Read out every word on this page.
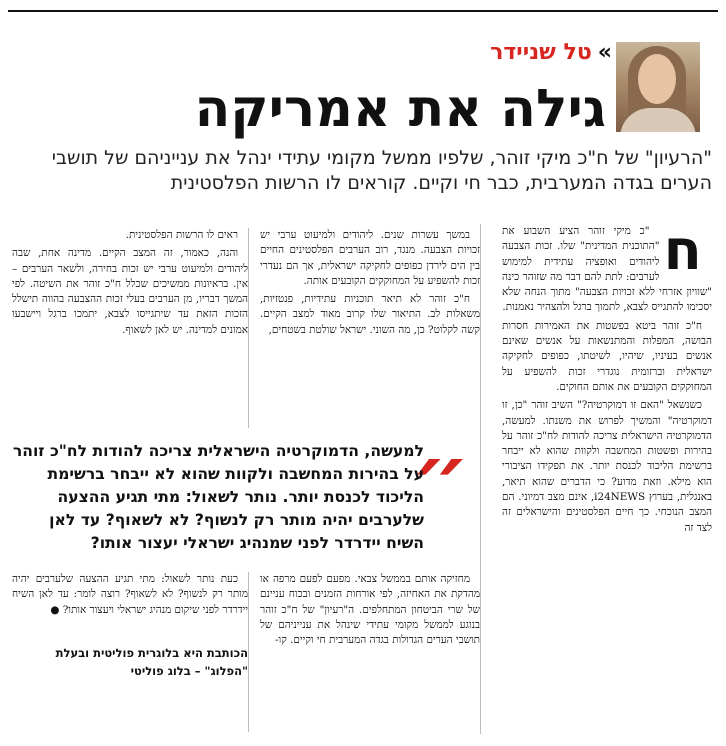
»
טל שניידר
גילה את אמריקה
"הרעיון" של ח"כ מיקי זוהר, שלפיו ממשל מקומי עתידי ינהל את ענייניהם של תושבי הערים בגדה המערבית, כבר חי וקיים. קוראים לו הרשות הפלסטינית

ח
"כ מיקי זוהר הציע השבוע את "התוכנית המדינית" שלו. זכות הצבעה ליהודים ואופציה עתידית למימוש לערבים: לתת להם דבר מה שזוהר כינה "שוויון אזרחי ללא זכויות הצבעה" מתוך הנחה שלא יסכימו להתגייס לצבא, לתמוך ברגל ולהצהיר נאמנות.

ח"כ זוהר ביטא בפשטות את האמירות חסרות הבושה, המפלות והמתנשאות על אנשים שאינם אנשים בעיניו, שיהיו, לשיטתו, כפופים לחקיקה ישראלית וברזומית נוגדרי זכות להשפיע על המחוקקים הקובעים את אותם החוקים.

כשנשאל "האם זו דמוקרטיה?" השיב זוהר "כן, זו דמוקרטיה" והמשיך לפרוש את משנתו. למעשה, הדמוקרטיה הישראלית צריכה להודות לח"כ זוהר על בהירות ופשטות המחשבה ולקוות שהוא לא ייבחר ברשימת הליכוד לכנסת יותר. את תפקידו הציבורי הוא מילא. וזאת מדוע? כי הדברים שהוא תיאר, באנגלית, בערוץ i24NEWS, אינם מצב דמיוני. הם המצב הנוכחי. כך חיים הפלסטינים והישראלים זה לצד זה

במשך עשרות שנים. ליהודים ולמיעוט ערבי יש זכויות הצבעה. מנגד, רוב הערבים הפלסטינים החיים בין הים לירדן כפופים לחקיקה ישראלית, אך הם נעדרי זכות להשפיע על המחוקקים הקובעים אותה.

ח"כ זוהר לא תיאר תוכניות עתידיות, פנטזיות, משאלות לב. התיאור שלו קרוב מאוד למצב הקיים. קשה לקלוט? כן, מה השוני. ישראל שולטת בשטחים,

ראים לו הרשות הפלסטינית.

והנה, כאמור, זה המצב הקיים. מדינה אחת, שבה ליהודים ולמיעוט ערבי יש זכות בחירה, ולשאר הערבים – אין. בראיונות ממשיכים שכלל ח"כ זוהר את השיטה. לפי המשך דבריו, מן הערבים בעלי זכות ההצבעה בהווה תישלל הזכות הזאת עד שיתגייסו לצבא, יתמכו ברגל ויישבעו אמונים למדינה. יש לאן לשאוף.

״
למעשה, הדמוקרטיה הישראלית צריכה להודות לח"כ זוהר על בהירות המחשבה ולקוות שהוא לא ייבחר ברשימת הליכוד לכנסת יותר. נותר לשאול: מתי תגיע ההצעה שלערבים יהיה מותר רק לנשוף? לא לשאוף? עד לאן השיח יידרדר לפני שמנהיג ישראלי יעצור אותו?

מחזיקה אותם בממשל צבאי. מפעם לפעם מרפה או מהדקת את האחיזה, לפי אורחות הזמנים ובכוח עניינם של שרי הביטחון המתחלפים. ה"רעיון" של ח"כ זוהר בנוגע לממשל מקומי עתידי שינהל את ענייניהם של תושבי הערים הגדולות בגדה המערבית חי וקיים. קו-

כעת נותר לשאול: מתי תגיע ההצעה שלערבים יהיה מותר רק לנשוף? לא לשאוף? רוצה לומר: עד לאן השיח יידרדר לפני שיקום מנהיג ישראלי ויעצור אותו? ●

הכותבת היא בלוגרית פוליטית ובעלת "הפלוג" – בלוג פוליטי
